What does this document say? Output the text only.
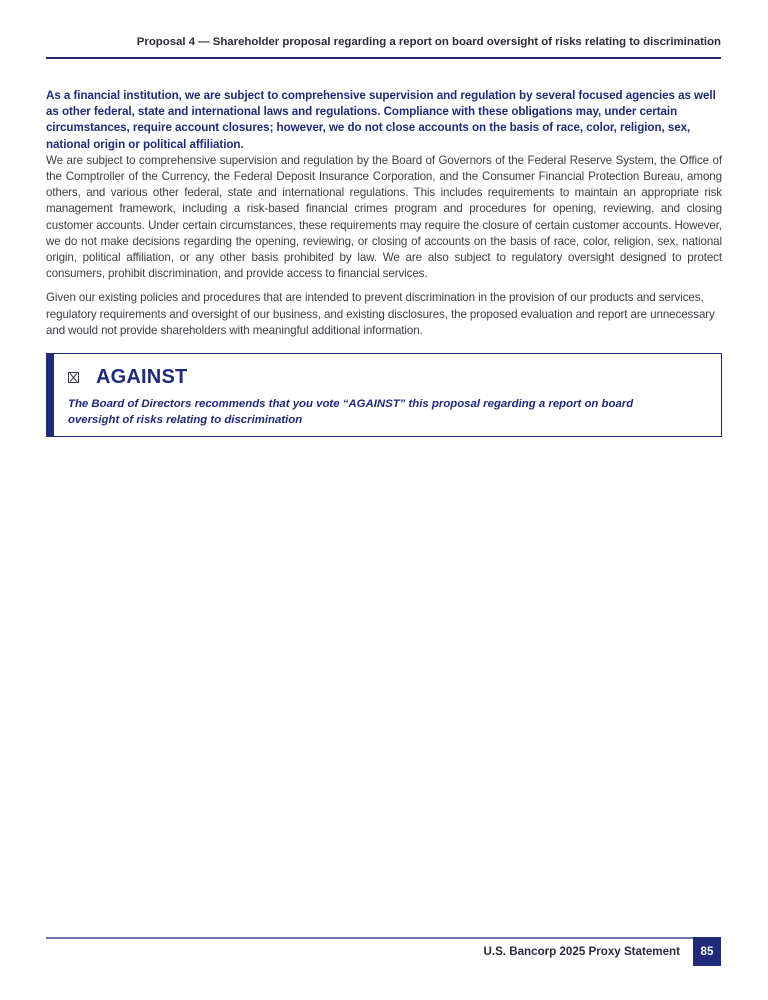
Proposal 4 — Shareholder proposal regarding a report on board oversight of risks relating to discrimination

As a financial institution, we are subject to comprehensive supervision and regulation by several focused agencies as well as other federal, state and international laws and regulations. Compliance with these obligations may, under certain circumstances, require account closures; however, we do not close accounts on the basis of race, color, religion, sex, national origin or political affiliation.

We are subject to comprehensive supervision and regulation by the Board of Governors of the Federal Reserve System, the Office of the Comptroller of the Currency, the Federal Deposit Insurance Corporation, and the Consumer Financial Protection Bureau, among others, and various other federal, state and international regulations. This includes requirements to maintain an appropriate risk management framework, including a risk-based financial crimes program and procedures for opening, reviewing, and closing customer accounts. Under certain circumstances, these requirements may require the closure of certain customer accounts. However, we do not make decisions regarding the opening, reviewing, or closing of accounts on the basis of race, color, religion, sex, national origin, political affiliation, or any other basis prohibited by law. We are also subject to regulatory oversight designed to protect consumers, prohibit discrimination, and provide access to financial services.

Given our existing policies and procedures that are intended to prevent discrimination in the provision of our products and services, regulatory requirements and oversight of our business, and existing disclosures, the proposed evaluation and report are unnecessary and would not provide shareholders with meaningful additional information.

AGAINST
The Board of Directors recommends that you vote “AGAINST” this proposal regarding a report on board oversight of risks relating to discrimination
U.S. Bancorp 2025 Proxy Statement	85
